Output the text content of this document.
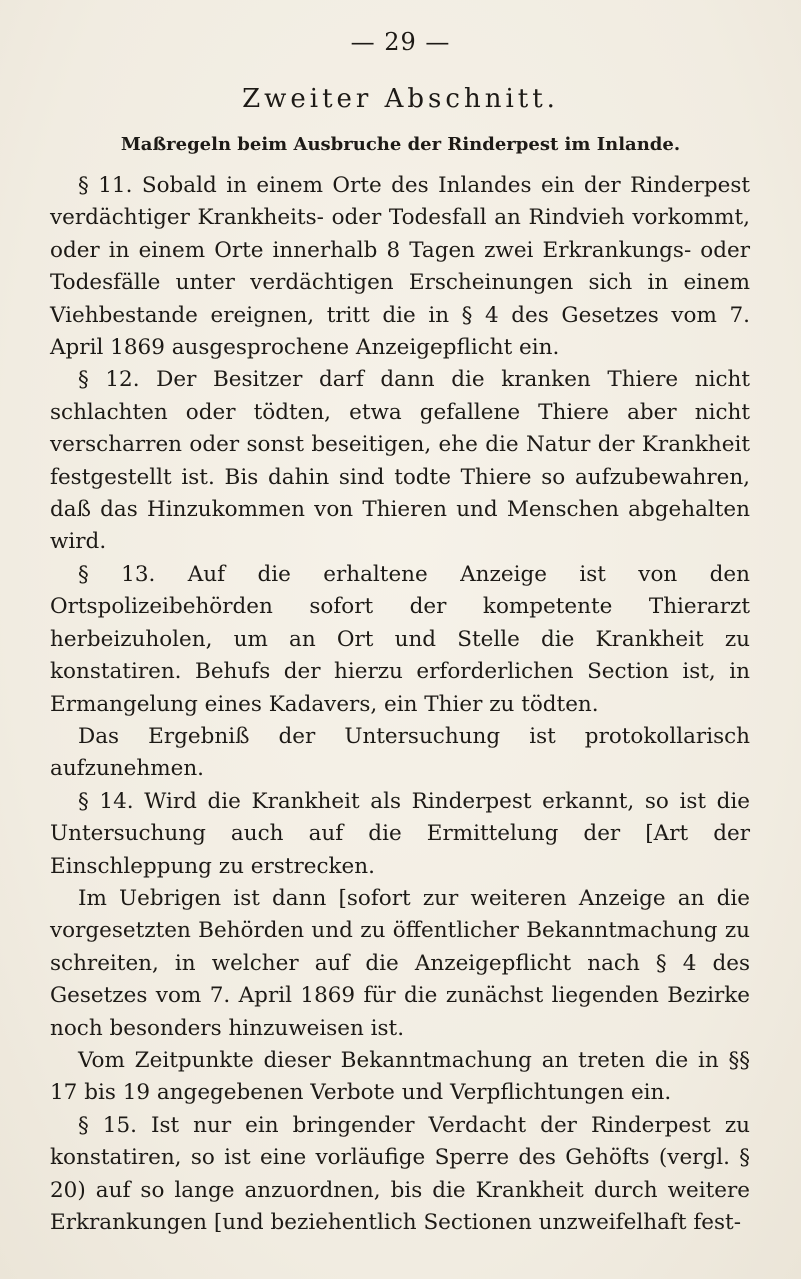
— 29 —
Zweiter Abschnitt.
Maßregeln beim Ausbruche der Rinderpest im Inlande.

§ 11. Sobald in einem Orte des Inlandes ein der Rinderpest verdächtiger Krankheits- oder Todesfall an Rindvieh vorkommt, oder in einem Orte innerhalb 8 Tagen zwei Erkrankungs- oder Todesfälle unter verdächtigen Erscheinungen sich in einem Viehbestande ereignen, tritt die in § 4 des Gesetzes vom 7. April 1869 ausgesprochene Anzeigepflicht ein.

§ 12. Der Besitzer darf dann die kranken Thiere nicht schlachten oder tödten, etwa gefallene Thiere aber nicht verscharren oder sonst beseitigen, ehe die Natur der Krankheit festgestellt ist. Bis dahin sind todte Thiere so aufzubewahren, daß das Hinzukommen von Thieren und Menschen abgehalten wird.

§ 13. Auf die erhaltene Anzeige ist von den Ortspolizeibehörden sofort der kompetente Thierarzt herbeizuholen, um an Ort und Stelle die Krankheit zu konstatiren. Behufs der hierzu erforderlichen Section ist, in Ermangelung eines Kadavers, ein Thier zu tödten.

Das Ergebniß der Untersuchung ist protokollarisch aufzunehmen.

§ 14. Wird die Krankheit als Rinderpest erkannt, so ist die Untersuchung auch auf die Ermittelung der [Art der Einschleppung zu erstrecken.

Im Uebrigen ist dann [sofort zur weiteren Anzeige an die vorgesetzten Behörden und zu öffentlicher Bekanntmachung zu schreiten, in welcher auf die Anzeigepflicht nach § 4 des Gesetzes vom 7. April 1869 für die zunächst liegenden Bezirke noch besonders hinzuweisen ist.

Vom Zeitpunkte dieser Bekanntmachung an treten die in §§ 17 bis 19 angegebenen Verbote und Verpflichtungen ein.

§ 15. Ist nur ein bringender Verdacht der Rinderpest zu konstatiren, so ist eine vorläufige Sperre des Gehöfts (vergl. § 20) auf so lange anzuordnen, bis die Krankheit durch weitere Erkrankungen [und beziehentlich Sectionen unzweifelhaft fest-
